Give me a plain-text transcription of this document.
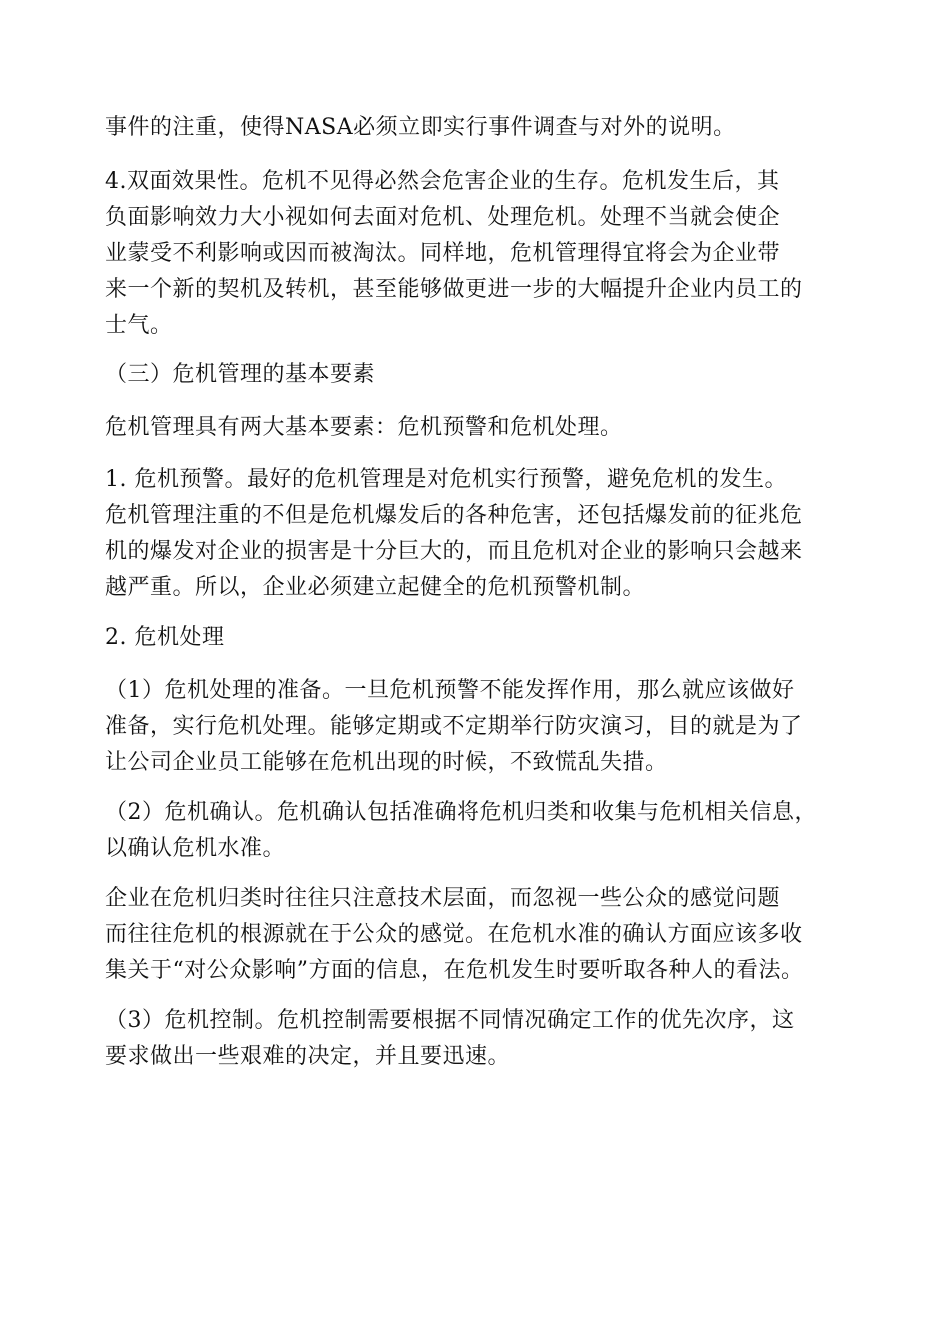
事件的注重，使得NASA必须立即实行事件调查与对外的说明。

4.双面效果性。危机不见得必然会危害企业的生存。危机发生后，其
负面影响效力大小视如何去面对危机、处理危机。处理不当就会使企
业蒙受不利影响或因而被淘汰。同样地，危机管理得宜将会为企业带
来一个新的契机及转机，甚至能够做更进一步的大幅提升企业内员工的
士气。

（三）危机管理的基本要素

危机管理具有两大基本要素：危机预警和危机处理。

1. 危机预警。最好的危机管理是对危机实行预警，避免危机的发生。
危机管理注重的不但是危机爆发后的各种危害，还包括爆发前的征兆危
机的爆发对企业的损害是十分巨大的，而且危机对企业的影响只会越来
越严重。所以，企业必须建立起健全的危机预警机制。

2. 危机处理

（1）危机处理的准备。一旦危机预警不能发挥作用，那么就应该做好
准备，实行危机处理。能够定期或不定期举行防灾演习，目的就是为了
让公司企业员工能够在危机出现的时候，不致慌乱失措。

（2）危机确认。危机确认包括准确将危机归类和收集与危机相关信息，
以确认危机水准。

企业在危机归类时往往只注意技术层面，而忽视一些公众的感觉问题
而往往危机的根源就在于公众的感觉。在危机水准的确认方面应该多收
集关于“对公众影响”方面的信息，在危机发生时要听取各种人的看法。

（3）危机控制。危机控制需要根据不同情况确定工作的优先次序，这
要求做出一些艰难的决定，并且要迅速。
